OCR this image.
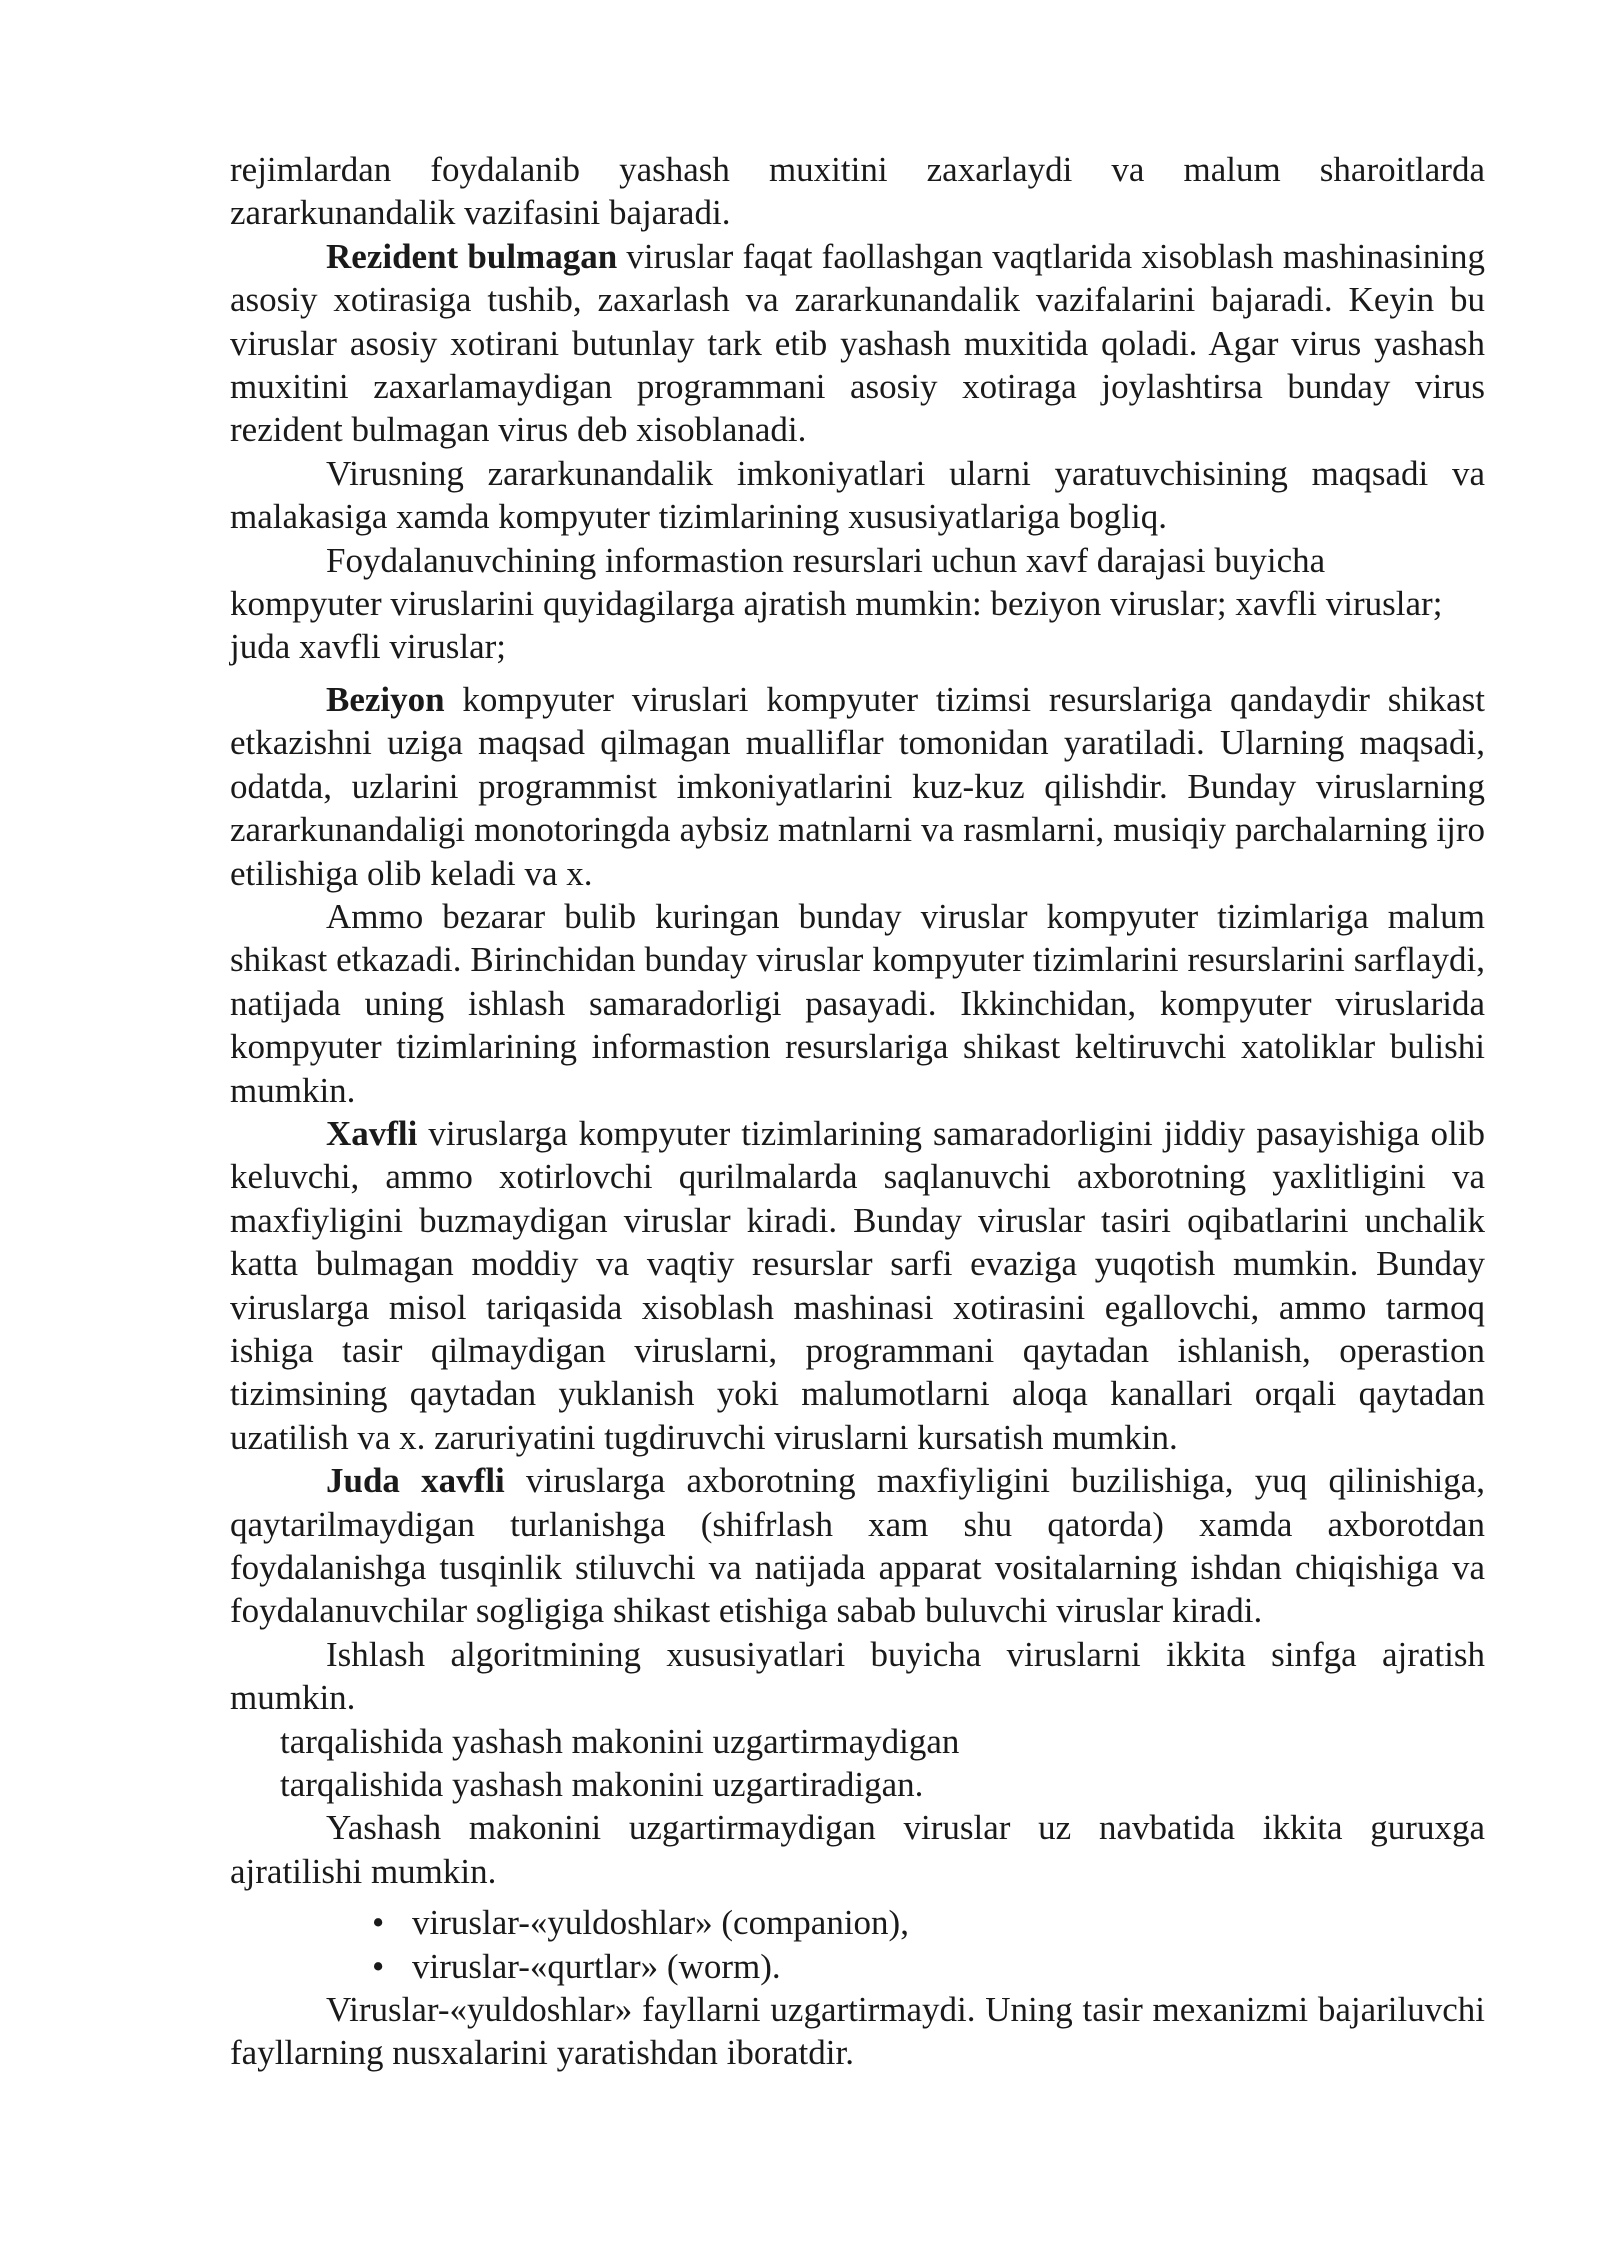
rejimlardan foydalanib yashash muxitini zaxarlaydi va malum sharoitlarda zararkunandalik vazifasini bajaradi.

Rezident bulmagan viruslar faqat faollashgan vaqtlarida xisoblash mashinasining asosiy xotirasiga tushib, zaxarlash va zararkunandalik vazifalarini bajaradi. Keyin bu viruslar asosiy xotirani butunlay tark etib yashash muxitida qoladi. Agar virus yashash muxitini zaxarlamaydigan programmani asosiy xotiraga joylashtirsa bunday virus rezident bulmagan virus deb xisoblanadi.

Virusning zararkunandalik imkoniyatlari ularni yaratuvchisining maqsadi va malakasiga xamda kompyuter tizimlarining xususiyatlariga bogliq.

Foydalanuvchining informastion resurslari uchun xavf darajasi buyicha kompyuter viruslarini quyidagilarga ajratish mumkin: beziyon viruslar; xavfli viruslar; juda xavfli viruslar;

Beziyon kompyuter viruslari kompyuter tizimsi resurslariga qandaydir shikast etkazishni uziga maqsad qilmagan mualliflar tomonidan yaratiladi. Ularning maqsadi, odatda, uzlarini programmist imkoniyatlarini kuz-kuz qilishdir. Bunday viruslarning zararkunandaligi monotoringda aybsiz matnlarni va rasmlarni, musiqiy parchalarning ijro etilishiga olib keladi va x.

Ammo bezarar bulib kuringan bunday viruslar kompyuter tizimlariga malum shikast etkazadi. Birinchidan bunday viruslar kompyuter tizimlarini resurslarini sarflaydi, natijada uning ishlash samaradorligi pasayadi. Ikkinchidan, kompyuter viruslarida kompyuter tizimlarining informastion resurslariga shikast keltiruvchi xatoliklar bulishi mumkin.

Xavfli viruslarga kompyuter tizimlarining samaradorligini jiddiy pasayishiga olib keluvchi, ammo xotirlovchi qurilmalarda saqlanuvchi axborotning yaxlitligini va maxfiyligini buzmaydigan viruslar kiradi. Bunday viruslar tasiri oqibatlarini unchalik katta bulmagan moddiy va vaqtiy resurslar sarfi evaziga yuqotish mumkin. Bunday viruslarga misol tariqasida xisoblash mashinasi xotirasini egallovchi, ammo tarmoq ishiga tasir qilmaydigan viruslarni, programmani qaytadan ishlanish, operastion tizimsining qaytadan yuklanish yoki malumotlarni aloqa kanallari orqali qaytadan uzatilish va x. zaruriyatini tugdiruvchi viruslarni kursatish mumkin.

Juda xavfli viruslarga axborotning maxfiyligini buzilishiga, yuq qilinishiga, qaytarilmaydigan turlanishga (shifrlash xam shu qatorda) xamda axborotdan foydalanishga tusqinlik stiluvchi va natijada apparat vositalarning ishdan chiqishiga va foydalanuvchilar sogligiga shikast etishiga sabab buluvchi viruslar kiradi.

Ishlash algoritmining xususiyatlari buyicha viruslarni ikkita sinfga ajratish mumkin.

tarqalishida yashash makonini uzgartirmaydigan

tarqalishida yashash makonini uzgartiradigan.

Yashash makonini uzgartirmaydigan viruslar uz navbatida ikkita guruxga ajratilishi mumkin.

• viruslar-«yuldoshlar» (companion),
• viruslar-«qurtlar» (worm).

Viruslar-«yuldoshlar» fayllarni uzgartirmaydi. Uning tasir mexanizmi bajariluvchi fayllarning nusxalarini yaratishdan iboratdir.
